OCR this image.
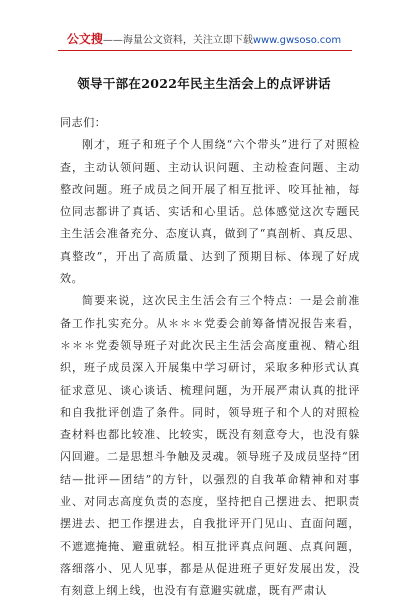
公文搜——海量公文资料，关注立即下载www.gwsoso.com
领导干部在2022年民主生活会上的点评讲话

同志们：

刚才，班子和班子个人围绕“六个带头”进行了对照检查，主动认领问题、主动认识问题、主动检查问题、主动整改问题。班子成员之间开展了相互批评、咬耳扯袖，每位同志都讲了真话、实话和心里话。总体感觉这次专题民主生活会准备充分、态度认真，做到了“真剖析、真反思、真整改”，开出了高质量、达到了预期目标、体现了好成效。

简要来说，这次民主生活会有三个特点：一是会前准备工作扎实充分。从＊＊＊党委会前筹备情况报告来看，＊＊＊党委领导班子对此次民主生活会高度重视、精心组织，班子成员深入开展集中学习研讨，采取多种形式认真征求意见、谈心谈话、梳理问题，为开展严肃认真的批评和自我批评创造了条件。同时，领导班子和个人的对照检查材料也都比较准、比较实，既没有刻意夸大，也没有躲闪回避。二是思想斗争触及灵魂。领导班子及成员坚持“团结—批评—团结”的方针，以强烈的自我革命精神和对事业、对同志高度负责的态度，坚持把自己摆进去、把职责摆进去、把工作摆进去，自我批评开门见山、直面问题，不遮遮掩掩、避重就轻。相互批评真点问题、点真问题，落细落小、见人见事，都是从促进班子更好发展出发，没有刻意上纲上线，也没有有意避实就虚，既有严肃认
